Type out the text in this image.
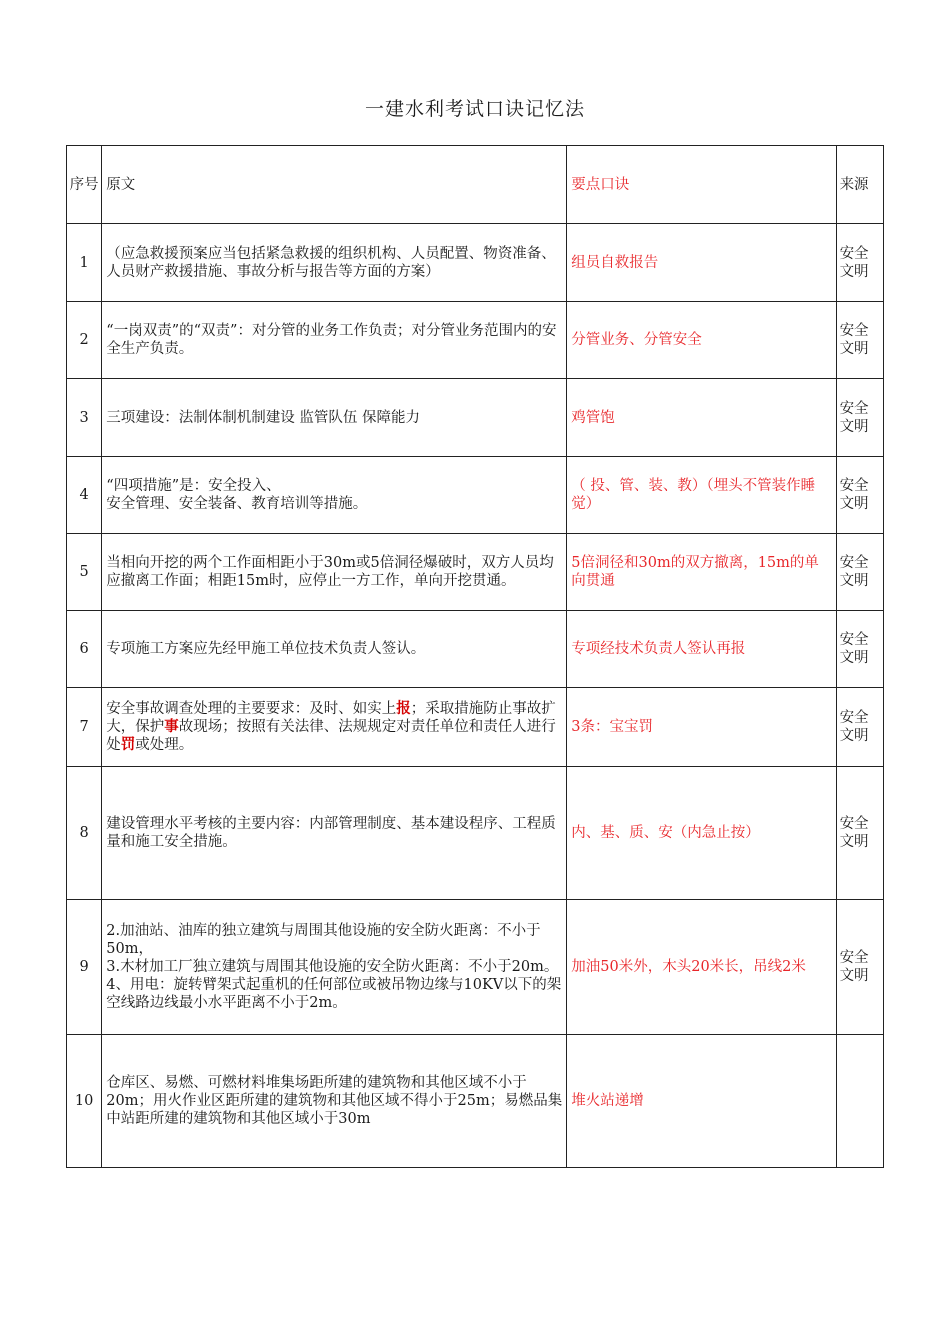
一建水利考试口诀记忆法
序号	原文	要点口诀	来源
1	（应急救援预案应当包括紧急救援的组织机构、人员配置、物资准备、人员财产救援措施、事故分析与报告等方面的方案）	组员自救报告	安全文明
2	“一岗双责”的“双责”：对分管的业务工作负责；对分管业务范围内的安全生产负责。	分管业务、分管安全	安全文明
3	三项建设：法制体制机制建设 监管队伍 保障能力	鸡管饱	安全文明
4	“四项措施”是：安全投入、
安全管理、安全装备、教育培训等措施。	（ 投、管、装、教）（埋头不管装作睡觉）	安全文明
5	当相向开挖的两个工作面相距小于30m或5倍洞径爆破时，双方人员均应撤离工作面；相距15m时，应停止一方工作，单向开挖贯通。	5倍洞径和30m的双方撤离，15m的单向贯通	安全文明
6	专项施工方案应先经甲施工单位技术负责人签认。	专项经技术负责人签认再报	安全文明
7	安全事故调查处理的主要要求：及时、如实上报；采取措施防止事故扩大，保护事故现场；按照有关法律、法规规定对责任单位和责任人进行处罚或处理。	3条：宝宝罚	安全文明
8	建设管理水平考核的主要内容：内部管理制度、基本建设程序、工程质量和施工安全措施。	内、基、质、安（内急止按）	安全文明
9	2.加油站、油库的独立建筑与周围其他设施的安全防火距离：不小于50m，
3.木材加工厂独立建筑与周围其他设施的安全防火距离：不小于20m。
4、用电：旋转臂架式起重机的任何部位或被吊物边缘与10KV以下的架空线路边线最小水平距离不小于2m。	加油50米外，木头20米长，吊线2米	安全文明
10	仓库区、易燃、可燃材料堆集场距所建的建筑物和其他区域不小于20m；用火作业区距所建的建筑物和其他区域不得小于25m；易燃品集中站距所建的建筑物和其他区域小于30m	堆火站递增	
